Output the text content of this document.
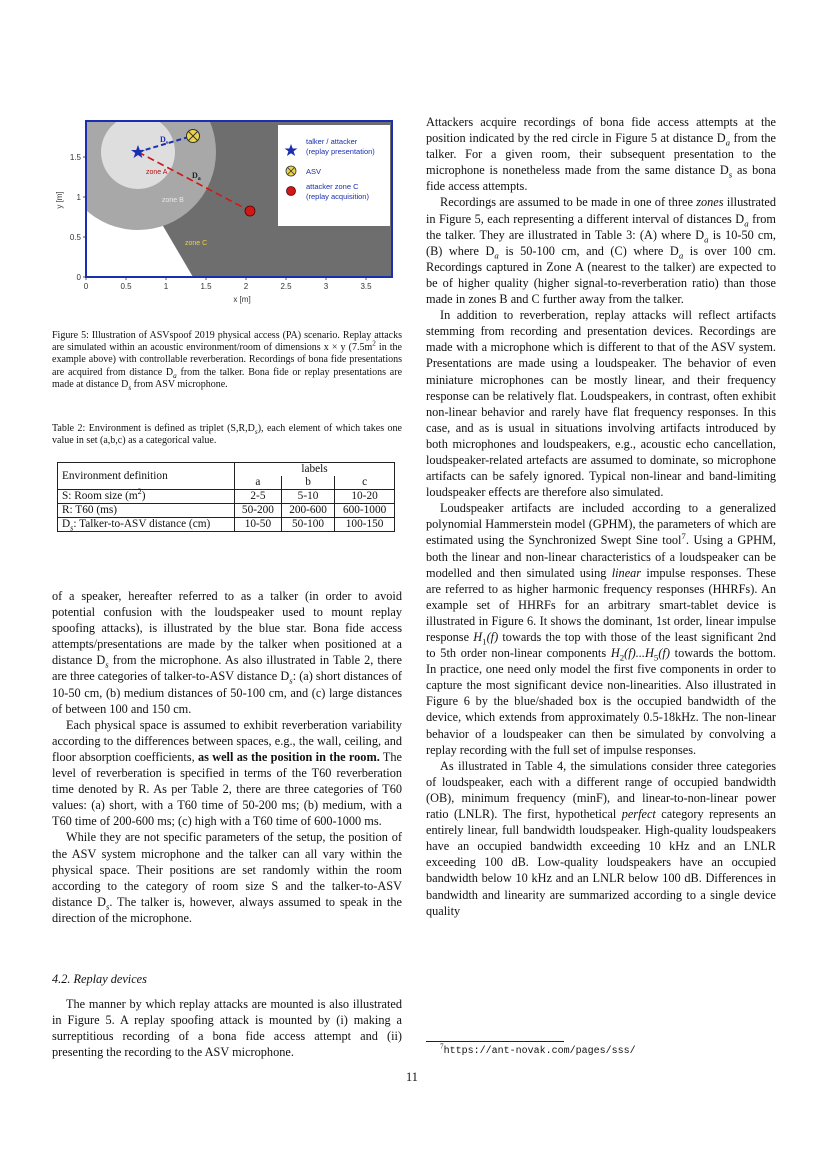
zone A
zone B
zone C
$D_s$
$D_a$
talker / attacker
(replay presentation)
ASV
attacker zone C
(replay acquisition)
0	0.5	1	1.5	2	2.5	3	3.5
x [m]
0
0.5
1
1.5
y [m]
Figure 5: Illustration of ASVspoof 2019 physical access (PA) scenario. Replay attacks are simulated within an acoustic environment/room of dimensions x × y ($7.5m^2$ in the example above) with controllable reverberation. Recordings of bona fide presentations are acquired from distance $D_a$ from the talker. Bona fide or replay presentations are made at distance $D_s$ from ASV microphone.
Table 2: Environment is defined as triplet $(S,R,D_s)$, each element of which takes one value in set (a,b,c) as a categorical value.
Environment definition	labels		
	a	b	c
S: Room size $(m^2)$	2-5	5-10	10-20
R: T60 (ms)	50-200	200-600	600-1000
$D_s$: Talker-to-ASV distance (cm)	10-50	50-100	100-150

of a speaker, hereafter referred to as a talker (in order to avoid potential confusion with the loudspeaker used to mount replay spoofing attacks), is illustrated by the blue star. Bona fide access attempts/presentations are made by the talker when positioned at a distance $D_s$ from the microphone. As also illustrated in Table 2, there are three categories of talker-to-ASV distance $D_s$: (a) short distances of 10-50 cm, (b) medium distances of 50-100 cm, and (c) large distances of between 100 and 150 cm.

Each physical space is assumed to exhibit reverberation variability according to the differences between spaces, e.g., the wall, ceiling, and floor absorption coefficients, as well as the position in the room. The level of reverberation is specified in terms of the T60 reverberation time denoted by R. As per Table 2, there are three categories of T60 values: (a) short, with a T60 time of 50-200 ms; (b) medium, with a T60 time of 200-600 ms; (c) high with a T60 time of 600-1000 ms.

While they are not specific parameters of the setup, the position of the ASV system microphone and the talker can all vary within the physical space. Their positions are set randomly within the room according to the category of room size S and the talker-to-ASV distance $D_s$. The talker is, however, always assumed to speak in the direction of the microphone.

4.2. Replay devices

The manner by which replay attacks are mounted is also illustrated in Figure 5. A replay spoofing attack is mounted by (i) making a surreptitious recording of a bona fide access attempt and (ii) presenting the recording to the ASV microphone.

Attackers acquire recordings of bona fide access attempts at the position indicated by the red circle in Figure 5 at distance $D_a$ from the talker. For a given room, their subsequent presentation to the microphone is nonetheless made from the same distance $D_s$ as bona fide access attempts.

Recordings are assumed to be made in one of three zones illustrated in Figure 5, each representing a different interval of distances $D_a$ from the talker. They are illustrated in Table 3: (A) where $D_a$ is 10-50 cm, (B) where $D_a$ is 50-100 cm, and (C) where $D_a$ is over 100 cm. Recordings captured in Zone A (nearest to the talker) are expected to be of higher quality (higher signal-to-reverberation ratio) than those made in zones B and C further away from the talker.

In addition to reverberation, replay attacks will reflect artifacts stemming from recording and presentation devices. Recordings are made with a microphone which is different to that of the ASV system. Presentations are made using a loudspeaker. The behavior of even miniature microphones can be mostly linear, and their frequency response can be relatively flat. Loudspeakers, in contrast, often exhibit non-linear behavior and rarely have flat frequency responses. In this case, and as is usual in situations involving artifacts introduced by both microphones and loudspeakers, e.g., acoustic echo cancellation, loudspeaker-related artefacts are assumed to dominate, so microphone artifacts can be safely ignored. Typical non-linear and band-limiting loudspeaker effects are therefore also simulated.

Loudspeaker artifacts are included according to a generalized polynomial Hammerstein model (GPHM), the parameters of which are estimated using the Synchronized Swept Sine tool$^7$. Using a GPHM, both the linear and non-linear characteristics of a loudspeaker can be modelled and then simulated using linear impulse responses. These are referred to as higher harmonic frequency responses (HHRFs). An example set of HHRFs for an arbitrary smart-tablet device is illustrated in Figure 6. It shows the dominant, 1st order, linear impulse response $H_1(f)$ towards the top with those of the least significant 2nd to 5th order non-linear components $H_2(f)...H_5(f)$ towards the bottom. In practice, one need only model the first five components in order to capture the most significant device non-linearities. Also illustrated in Figure 6 by the blue/shaded box is the occupied bandwidth of the device, which extends from approximately 0.5-18kHz. The non-linear behavior of a loudspeaker can then be simulated by convolving a replay recording with the full set of impulse responses.

As illustrated in Table 4, the simulations consider three categories of loudspeaker, each with a different range of occupied bandwidth (OB), minimum frequency (minF), and linear-to-non-linear power ratio (LNLR). The first, hypothetical perfect category represents an entirely linear, full bandwidth loudspeaker. High-quality loudspeakers have an occupied bandwidth exceeding 10 kHz and an LNLR exceeding 100 dB. Low-quality loudspeakers have an occupied bandwidth below 10 kHz and an LNLR below 100 dB. Differences in bandwidth and linearity are summarized according to a single device quality

$^7$https://ant-novak.com/pages/sss/
11
